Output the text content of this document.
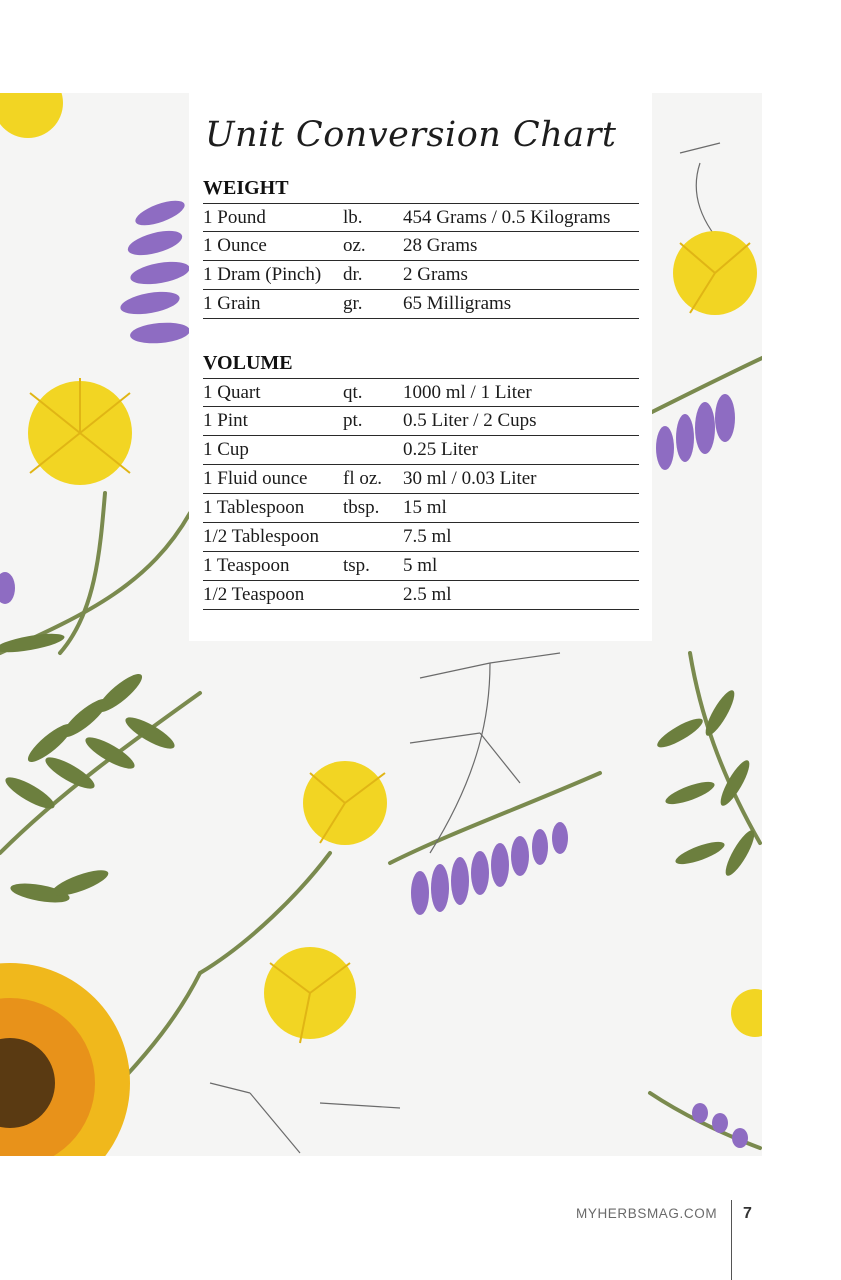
Unit Conversion Chart
WEIGHT
1 Pound	lb. 454 Grams / 0.5 Kilograms
1 Ounce	oz. 28 Grams
1 Dram (Pinch) dr. 2 Grams
1 Grain	gr. 65 Milligrams
VOLUME
1 Quart	qt. 1000 ml / 1 Liter
1 Pint	pt. 0.5 Liter / 2 Cups
1 Cup	0.25 Liter
1 Fluid ounce fl oz. 30 ml / 0.03 Liter
1 Tablespoon tbsp. 15 ml
1/2 Tablespoon	7.5 ml
1 Teaspoon	tsp. 5 ml
1/2 Teaspoon	2.5 ml
MYHERBSMAG.COM 7
